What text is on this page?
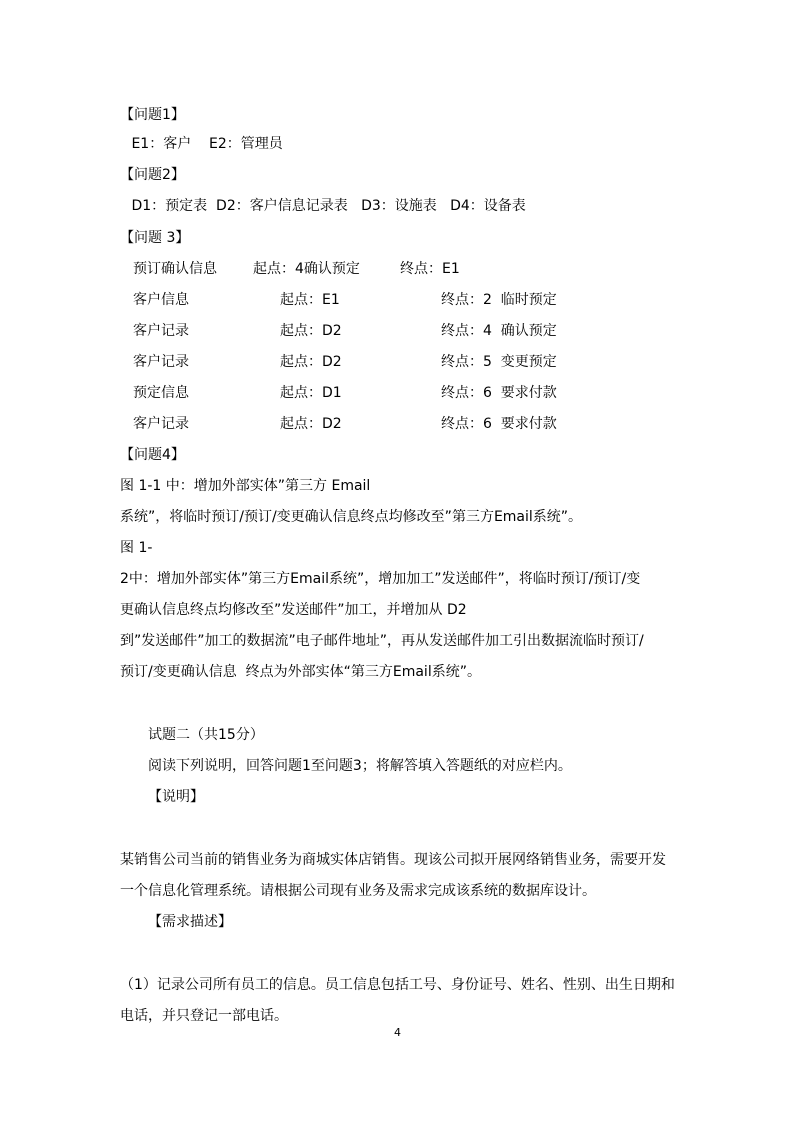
【问题1】
E1：客户    E2：管理员
【问题2】
D1：预定表  D2：客户信息记录表   D3：设施表   D4：设备表
【问题 3】
预订确认信息	起点：4确认预定	终点：E1
客户信息	起点：E1	终点：2  临时预定
客户记录	起点：D2	终点：4  确认预定
客户记录	起点：D2	终点：5  变更预定
预定信息	起点：D1	终点：6  要求付款
客户记录	起点：D2	终点：6  要求付款
【问题4】
图 1-1 中：增加外部实体”第三方 Email
系统”，将临时预订/预订/变更确认信息终点均修改至”第三方Email系统”。
图 1-
2中：增加外部实体”第三方Email系统”，增加加工”发送邮件”，将临时预订/预订/变
更确认信息终点均修改至”发送邮件”加工，并增加从 D2
到”发送邮件”加工的数据流”电子邮件地址”，再从发送邮件加工引出数据流临时预订/
预订/变更确认信息  终点为外部实体“第三方Email系统”。
试题二（共15分）
阅读下列说明，回答问题1至问题3；将解答填入答题纸的对应栏内。
【说明】
某销售公司当前的销售业务为商城实体店销售。现该公司拟开展网络销售业务，需要开发
一个信息化管理系统。请根据公司现有业务及需求完成该系统的数据库设计。
【需求描述】
（1）记录公司所有员工的信息。员工信息包括工号、身份证号、姓名、性别、出生日期和
电话，并只登记一部电话。
4
